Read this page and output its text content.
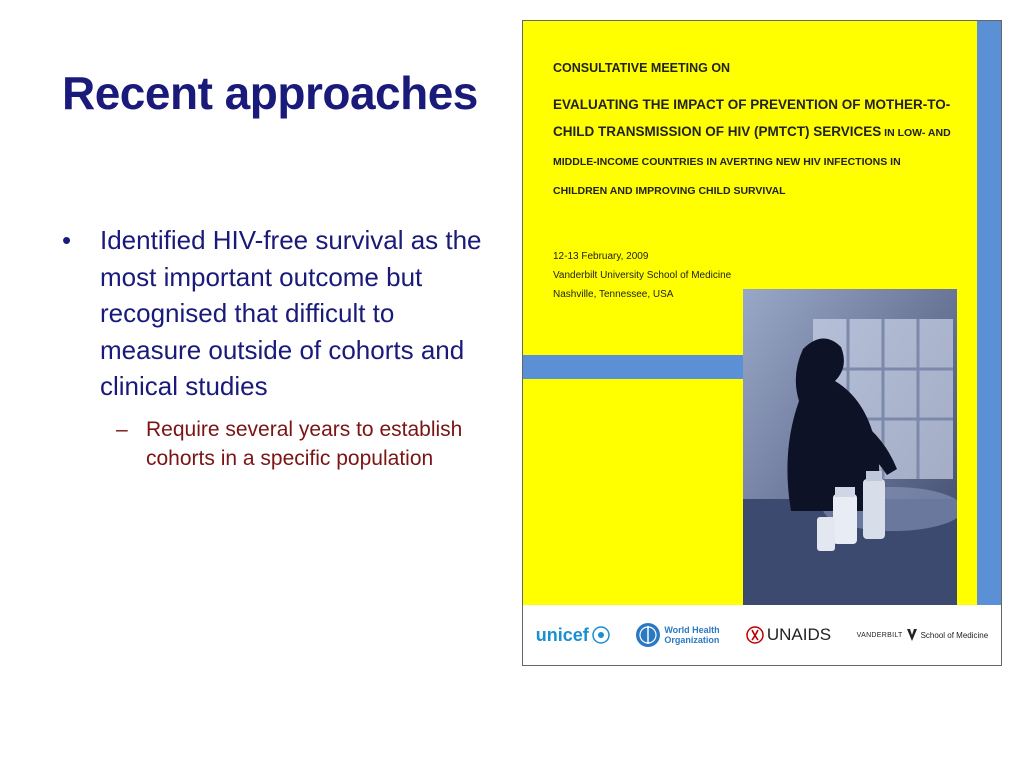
Recent approaches
• Identified HIV-free survival as the most important outcome but recognised that difficult to measure outside of cohorts and clinical studies
– Require several years to establish cohorts in a specific population
CONSULTATIVE MEETING ON
EVALUATING THE IMPACT OF PREVENTION OF MOTHER-TO-CHILD TRANSMISSION OF HIV (PMTCT) SERVICES IN LOW- AND MIDDLE-INCOME COUNTRIES IN AVERTING NEW HIV INFECTIONS IN CHILDREN AND IMPROVING CHILD SURVIVAL
12-13 February, 2009
Vanderbilt University School of Medicine
Nashville, Tennessee, USA
unicef	World Health
Organization	UNAIDS	VANDERBILT School of Medicine
